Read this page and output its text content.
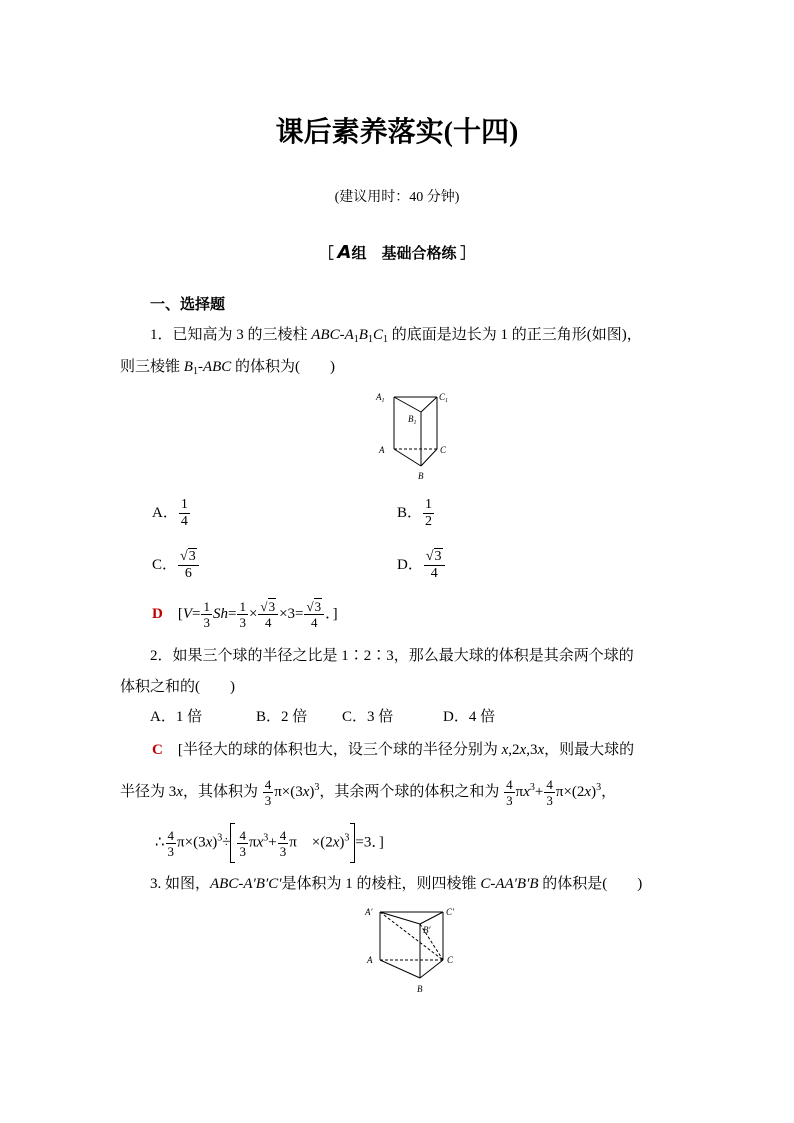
课后素养落实(十四)
(建议用时：40 分钟)
［ A组　基础合格练 ］
一、选择题
1．已知高为 3 的三棱柱 ABC-$A_1B_1C_1$ 的底面是边长为 1 的正三角形(如图)，
则三棱锥 $B_1$-ABC 的体积为(　　)
$A_1$	$C_1$
$B_1$
A	C
B
A． $\frac{1}{4}$	B． $\frac{1}{2}$
C． $\frac{√3}{6}$	D． $\frac{√3}{4}$
D　[$V= \frac{1}{3} Sh= \frac{1}{3} \times \frac{√3}{4} \times 3= \frac{√3}{4}$ ．]
2．如果三个球的半径之比是 1∶2∶3，那么最大球的体积是其余两个球的
体积之和的(　　)
A．1 倍	B．2 倍 C．3 倍	D．4 倍
C　[半径大的球的体积也大，设三个球的半径分别为 x,2x,3x，则最大球的
半径为 3x，其体积为 $\frac{4}{3} \pi\times(3x)^3$，其余两个球的体积之和为 $\frac{4}{3} \pi x^3+ \frac{4}{3} \pi\times(2x)^3$，
∴ $\frac{4}{3} \pi\times(3x)^3\div \frac{4}{3} \pi x^3+ \frac{4}{3}$ π　$\times(2x)^3 =3$．]
3. 如图，ABC-A′B′C′是体积为 1 的棱柱，则四棱锥 C-AA′B′B 的体积是(　　)
A′	C′
B′
A	C
B
